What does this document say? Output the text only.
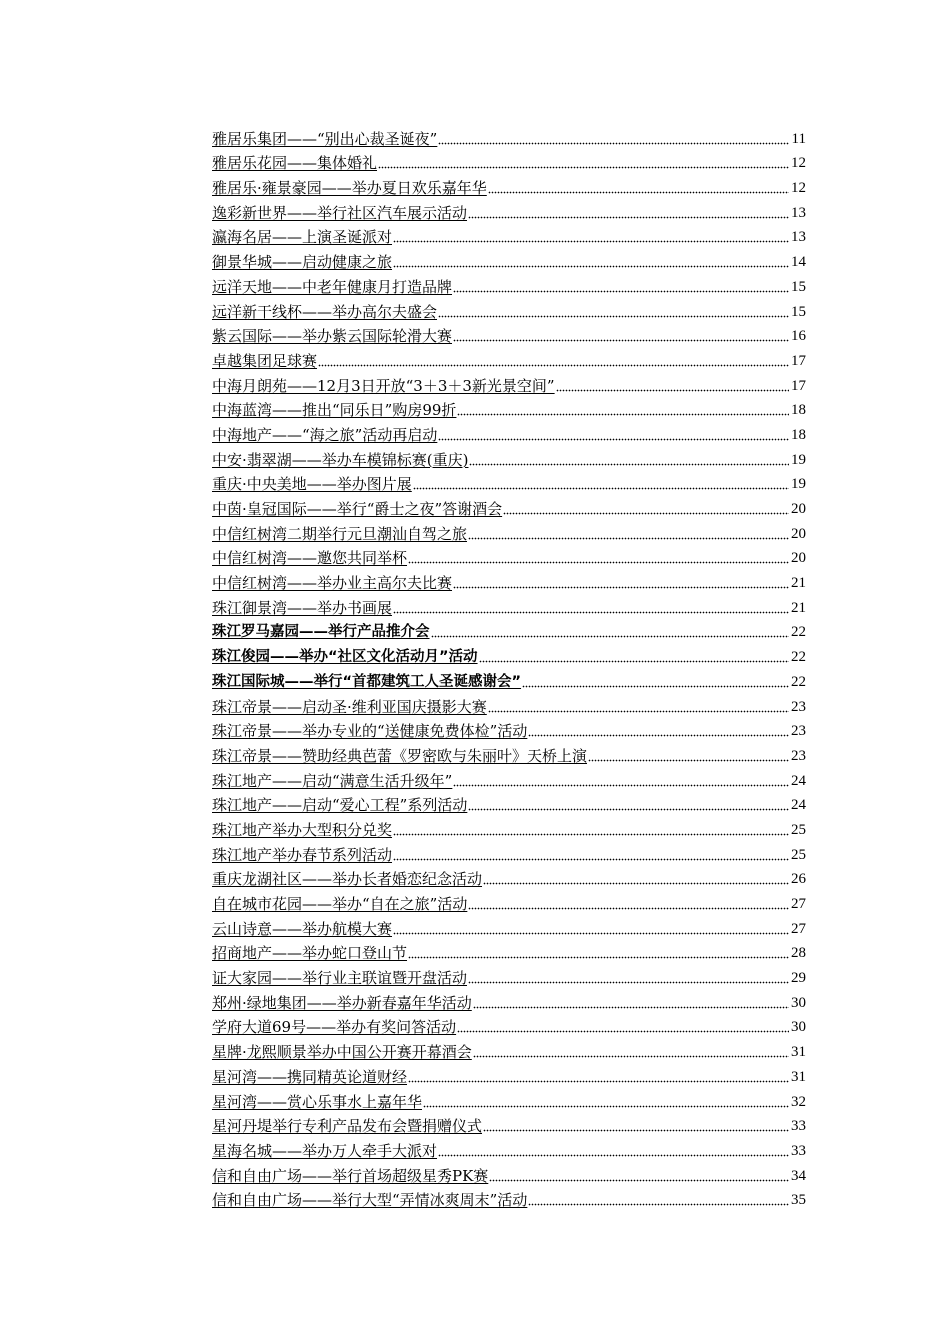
雅居乐集团——“别出心裁圣诞夜”	11
雅居乐花园——集体婚礼	12
雅居乐·雍景豪园——举办夏日欢乐嘉年华	12
逸彩新世界——举行社区汽车展示活动	13
瀛海名居——上演圣诞派对	13
御景华城——启动健康之旅	14
远洋天地——中老年健康月打造品牌	15
远洋新干线杯——举办高尔夫盛会	15
紫云国际——举办紫云国际轮滑大赛	16
卓越集团足球赛	17
中海月朗苑——12月3日开放“3＋3＋3新光景空间”	17
中海蓝湾——推出“同乐日”购房99折	18
中海地产——“海之旅”活动再启动	18
中安·翡翠湖——举办车模锦标赛(重庆)	19
重庆·中央美地——举办图片展	19
中茵·皇冠国际——举行“爵士之夜”答谢酒会	20
中信红树湾二期举行元旦潮汕自驾之旅	20
中信红树湾——邀您共同举杯	20
中信红树湾——举办业主高尔夫比赛	21
珠江御景湾——举办书画展	21
珠江罗马嘉园——举行产品推介会	22
珠江俊园——举办“社区文化活动月”活动	22
珠江国际城——举行“首都建筑工人圣诞感谢会”	22
珠江帝景——启动圣·维利亚国庆摄影大赛	23
珠江帝景——举办专业的“送健康免费体检”活动	23
珠江帝景——赞助经典芭蕾《罗密欧与朱丽叶》天桥上演	23
珠江地产——启动“满意生活升级年”	24
珠江地产——启动“爱心工程”系列活动	24
珠江地产举办大型积分兑奖	25
珠江地产举办春节系列活动	25
重庆龙湖社区——举办长者婚恋纪念活动	26
自在城市花园——举办“自在之旅”活动	27
云山诗意——举办航模大赛	27
招商地产——举办蛇口登山节	28
证大家园——举行业主联谊暨开盘活动	29
郑州·绿地集团——举办新春嘉年华活动	30
学府大道69号——举办有奖问答活动	30
星牌·龙熙顺景举办中国公开赛开幕酒会	31
星河湾——携同精英论道财经	31
星河湾——赏心乐事水上嘉年华	32
星河丹堤举行专利产品发布会暨捐赠仪式	33
星海名城——举办万人牵手大派对	33
信和自由广场——举行首场超级星秀PK赛	34
信和自由广场——举行大型“弄情冰爽周末”活动	35
